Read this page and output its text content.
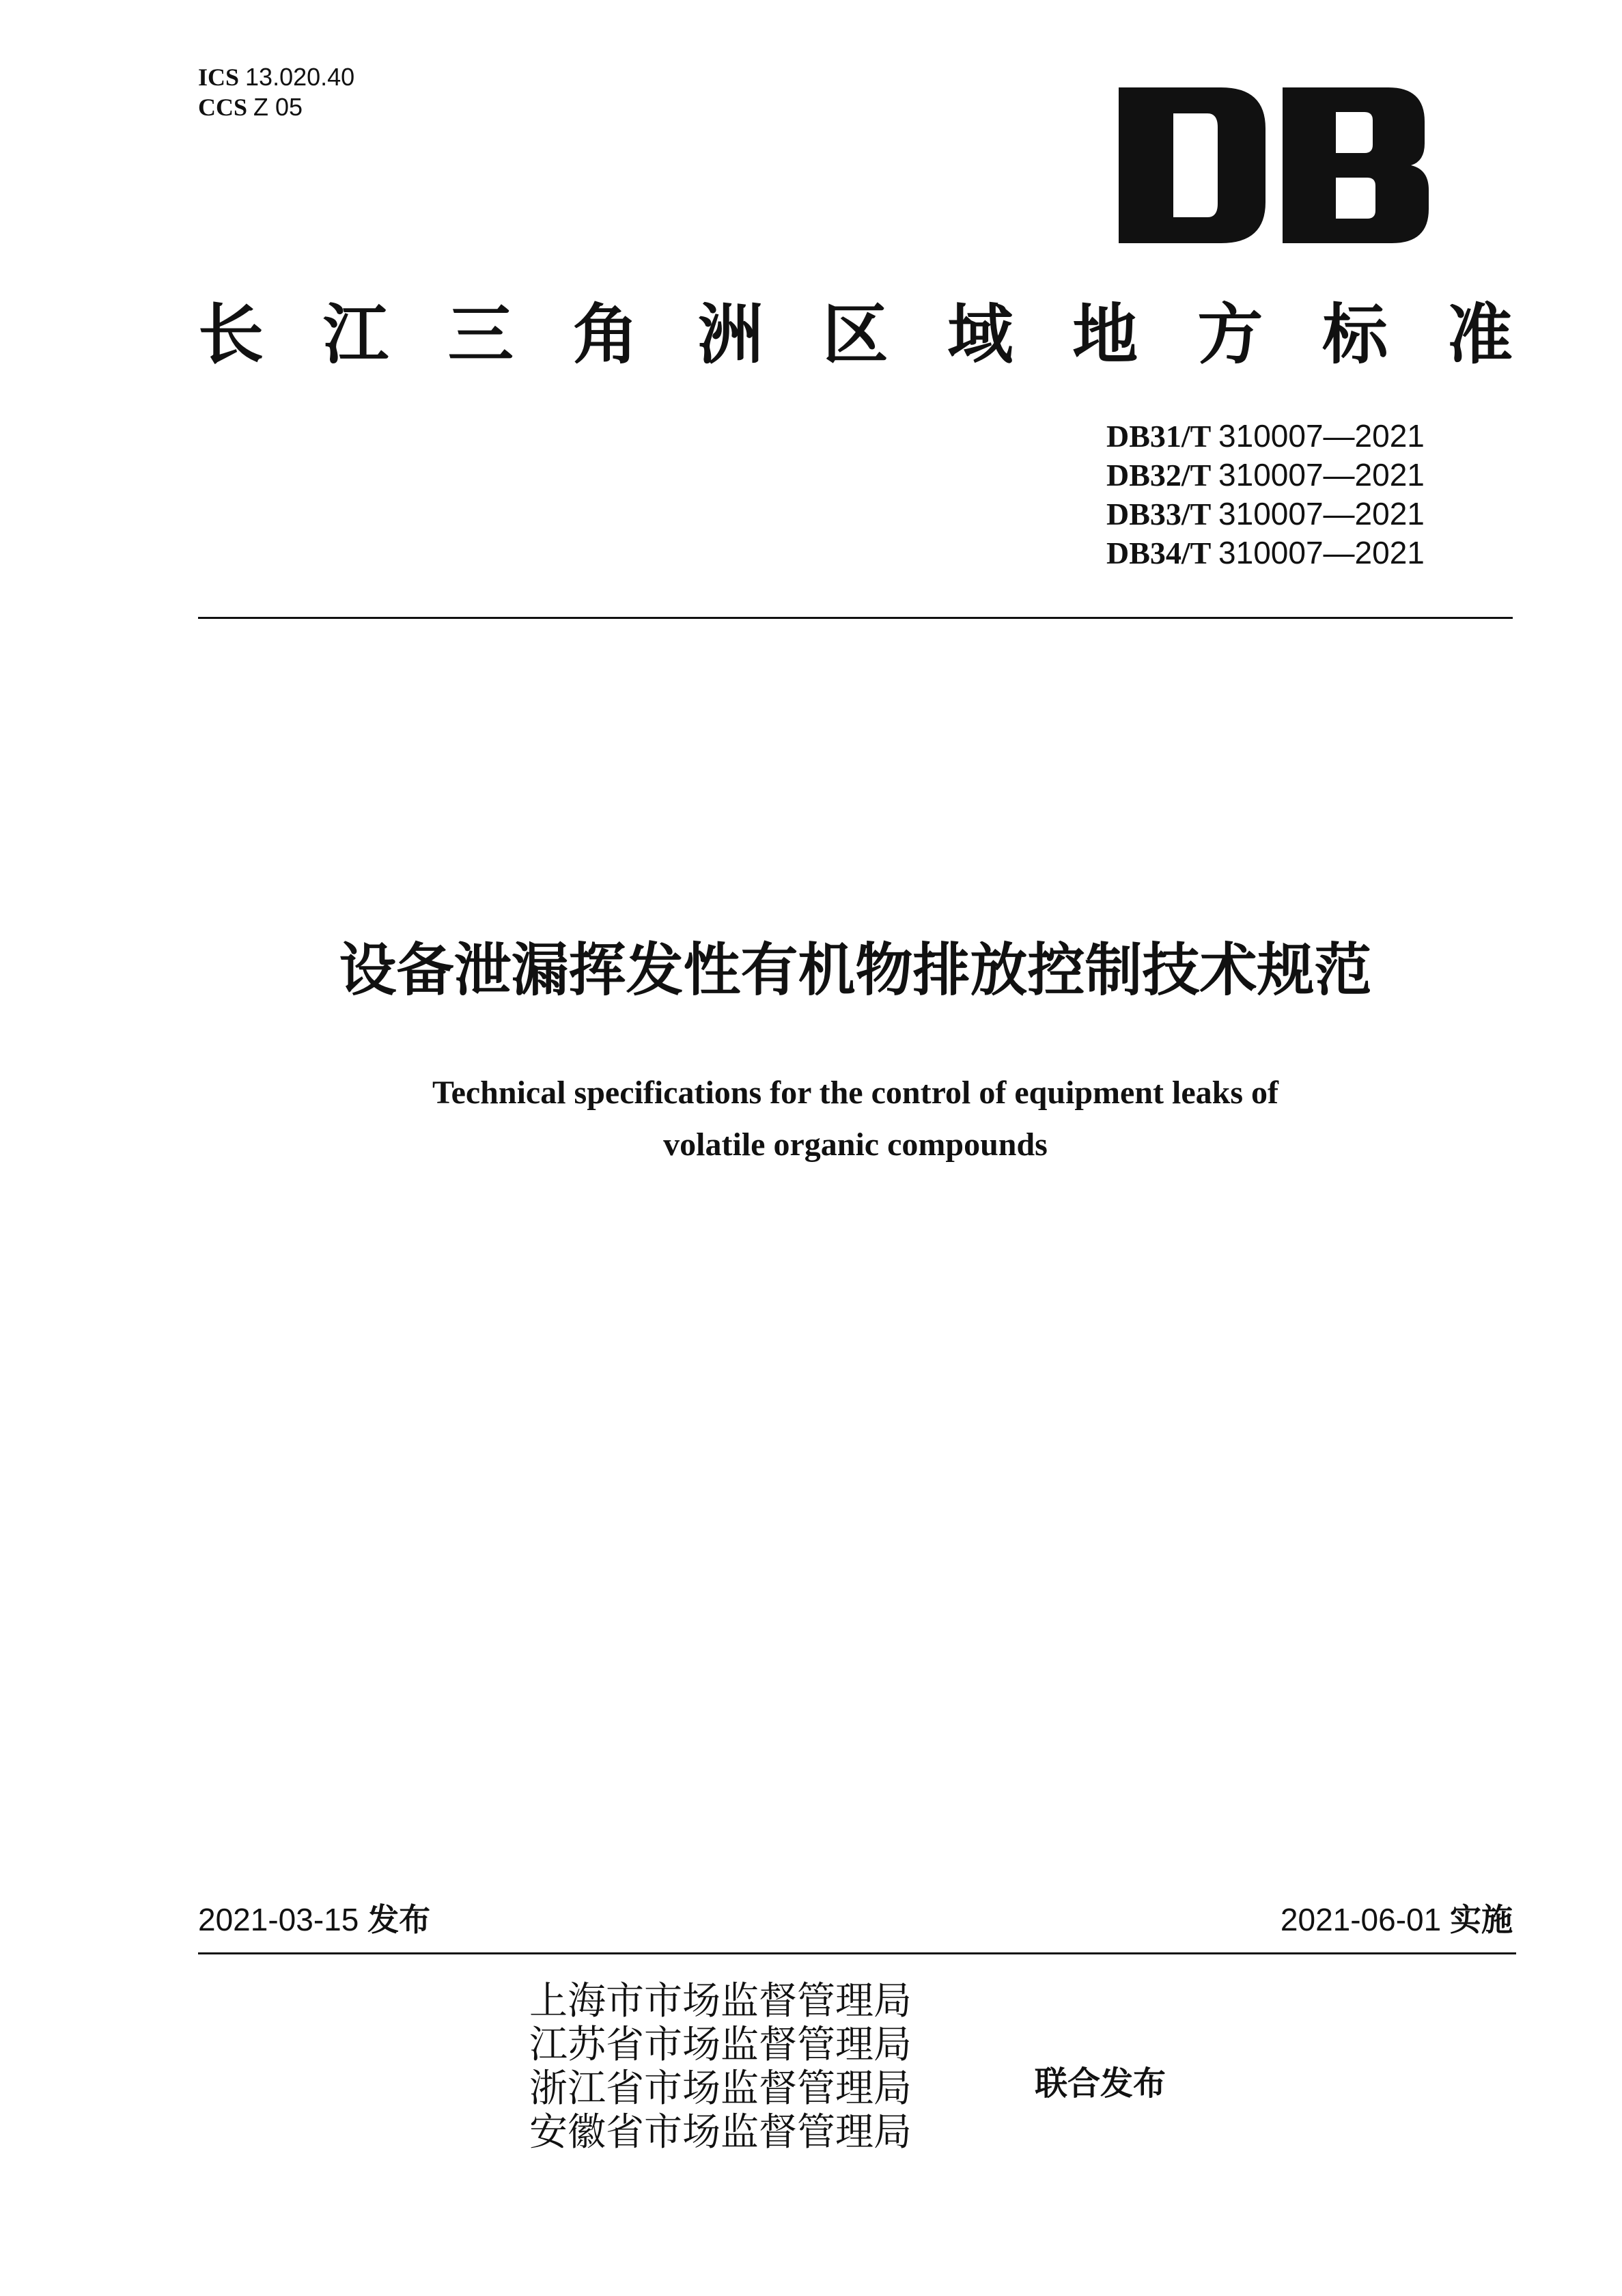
ICS 13.020.40
CCS Z 05
长江三角洲区域地方标准
DB31/T 310007—2021
DB32/T 310007—2021
DB33/T 310007—2021
DB34/T 310007—2021
设备泄漏挥发性有机物排放控制技术规范
Technical specifications for the control of equipment leaks of
volatile organic compounds
2021-03-15 发布	2021-06-01 实施
上海市市场监督管理局
江苏省市场监督管理局
浙江省市场监督管理局
安徽省市场监督管理局
联合发布
